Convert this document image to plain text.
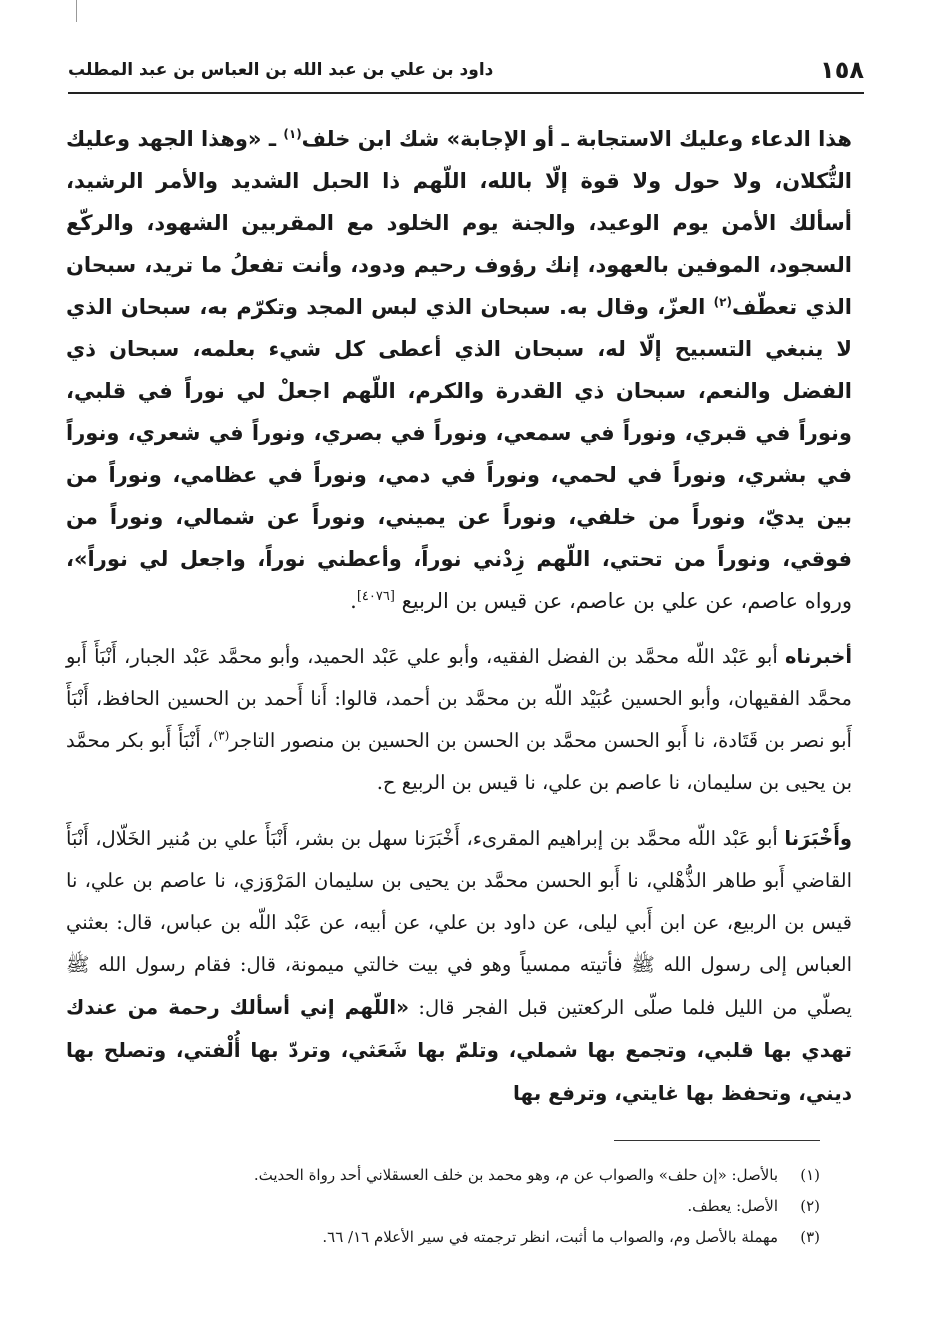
١٥٨
داود بن علي بن عبد الله بن العباس بن عبد المطلب

هذا الدعاء وعليك الاستجابة ـ أو الإجابة» شك ابن خلف$^{(١)}$ ـ «وهذا الجهد وعليك التُّكلان، ولا حول ولا قوة إلّا بالله، اللّهم ذا الحبل الشديد والأمر الرشيد، أسألك الأمن يوم الوعيد، والجنة يوم الخلود مع المقربين الشهود، والركّع السجود، الموفين بالعهود، إنك رؤوف رحيم ودود، وأنت تفعلُ ما تريد، سبحان الذي تعطّف$^{(٢)}$ العزّ، وقال به. سبحان الذي لبس المجد وتكرّم به، سبحان الذي لا ينبغي التسبيح إلّا له، سبحان الذي أعطى كل شيء بعلمه، سبحان ذي الفضل والنعم، سبحان ذي القدرة والكرم، اللّهم اجعلْ لي نوراً في قلبي، ونوراً في قبري، ونوراً في سمعي، ونوراً في بصري، ونوراً في شعري، ونوراً في بشري، ونوراً في لحمي، ونوراً في دمي، ونوراً في عظامي، ونوراً من بين يديّ، ونوراً من خلفي، ونوراً عن يميني، ونوراً عن شمالي، ونوراً من فوقي، ونوراً من تحتي، اللّهم زِدْني نوراً، وأعطني نوراً، واجعل لي نوراً»، ورواه عاصم، عن علي بن عاصم، عن قيس بن الربيع [٤٠٧٦].

أخبرناه أبو عَبْد اللّه محمَّد بن الفضل الفقيه، وأبو علي عَبْد الحميد، وأبو محمَّد عَبْد الجبار، أَنْبَأَ أَبو محمَّد الفقيهان، وأبو الحسين عُبَيْد اللّه بن محمَّد بن أحمد، قالوا: أَنا أَحمد بن الحسين الحافظ، أَنْبَأَ أَبو نصر بن قَتَادة، نا أَبو الحسن محمَّد بن الحسن بن الحسين بن منصور التاجر$^{(٣)}$، أَنْبَأَ أَبو بكر محمَّد بن يحيى بن سليمان، نا عاصم بن علي، نا قيس بن الربيع ح.

وأَخْبَرَنا أبو عَبْد اللّه محمَّد بن إبراهيم المقرىء، أَخْبَرَنا سهل بن بشر، أَنْبَأَ علي بن مُنير الخَلّال، أَنْبَأَ القاضي أَبو طاهر الذُّهْلي، نا أَبو الحسن محمَّد بن يحيى بن سليمان المَرْوَزي، نا عاصم بن علي، نا قيس بن الربيع، عن ابن أَبي ليلى، عن داود بن علي، عن أبيه، عن عَبْد اللّه بن عباس، قال: بعثني العباس إلى رسول الله ﷺ فأتيته ممسياً وهو في بيت خالتي ميمونة، قال: فقام رسول الله ﷺ يصلّي من الليل فلما صلّى الركعتين قبل الفجر قال: «اللّهم إني أسألك رحمة من عندك تهدي بها قلبي، وتجمع بها شملي، وتلمّ بها شَعَثي، وتردّ بها أُلْفتي، وتصلح بها ديني، وتحفظ بها غايتي، وترفع بها

(١)
بالأصل: «إن حلف» والصواب عن م، وهو محمد بن خلف العسقلاني أحد رواة الحديث.
(٢)
الأصل: يعطف.
(٣)
مهملة بالأصل وم، والصواب ما أثبت، انظر ترجمته في سير الأعلام ١٦/ ٦٦.
